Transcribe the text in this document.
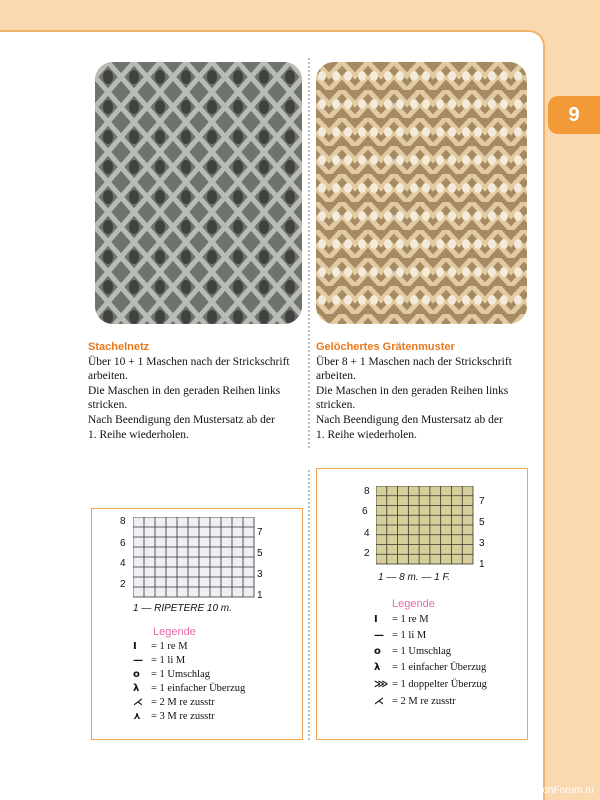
9
Stachelnetz

Über 10 + 1 Maschen nach der Strickschrift

arbeiten.

Die Maschen in den geraden Reihen links stricken.

Nach Beendigung den Mustersatz ab der

1. Reihe wiederholen.

Gelöchertes Grätenmuster

Über 8 + 1 Maschen nach der Strickschrift

arbeiten.

Die Maschen in den geraden Reihen links stricken.

Nach Beendigung den Mustersatz ab der

1. Reihe wiederholen.

8
6
4
2
7
5
3
1
1 — RIPETERE 10 m.
Legende
I	= 1 re M
— = 1 li M
o	= 1 Umschlag
λ	= 1 einfacher Überzug
⋌ = 2 M re zusstr
⋏ = 3 M re zusstr
8
6
4
2
7
5
3
1
1 — 8 m. — 1 F.
Legende
I	= 1 re M
— = 1 li M
o	= 1 Umschlag
λ	= 1 einfacher Überzug
⋙ = 1 doppelter Überzug
⋌ = 2 M re zusstr
PassionForum.ru
